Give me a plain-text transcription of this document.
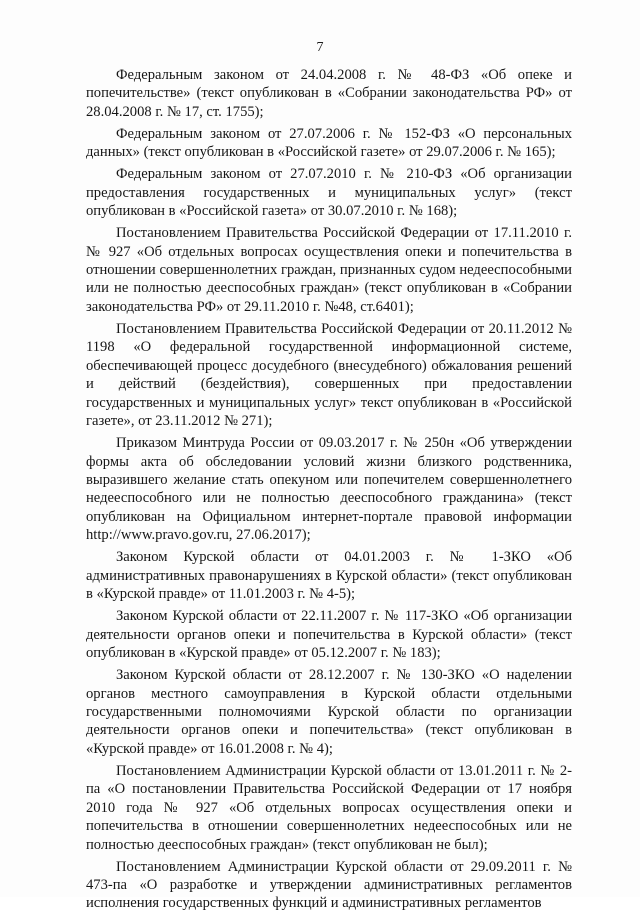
7

Федеральным законом от 24.04.2008 г. № 48-ФЗ «Об опеке и попечительстве» (текст опубликован в «Собрании законодательства РФ» от 28.04.2008 г. № 17, ст. 1755);

Федеральным законом от 27.07.2006 г. № 152-ФЗ «О персональных данных» (текст опубликован в «Российской газете» от 29.07.2006 г. № 165);

Федеральным законом от 27.07.2010 г. № 210-ФЗ «Об организации предоставления государственных и муниципальных услуг» (текст опубликован в «Российской газета» от 30.07.2010 г. № 168);

Постановлением Правительства Российской Федерации от 17.11.2010 г. № 927 «Об отдельных вопросах осуществления опеки и попечительства в отношении совершеннолетних граждан, признанных судом недееспособными или не полностью дееспособных граждан» (текст опубликован в «Собрании законодательства РФ» от 29.11.2010 г. №48, ст.6401);

Постановлением Правительства Российской Федерации от 20.11.2012 № 1198 «О федеральной государственной информационной системе, обеспечивающей процесс досудебного (внесудебного) обжалования решений и действий (бездействия), совершенных при предоставлении государственных и муниципальных услуг» текст опубликован в «Российской газете», от 23.11.2012 № 271);

Приказом Минтруда России от 09.03.2017 г. № 250н «Об утверждении формы акта об обследовании условий жизни близкого родственника, выразившего желание стать опекуном или попечителем совершеннолетнего недееспособного или не полностью дееспособного гражданина» (текст опубликован на Официальном интернет-портале правовой информации http://www.pravo.gov.ru, 27.06.2017);

Законом Курской области от 04.01.2003 г. № 1-ЗКО «Об административных правонарушениях в Курской области» (текст опубликован в «Курской правде» от 11.01.2003 г. № 4-5);

Законом Курской области от 22.11.2007 г. № 117-ЗКО «Об организации деятельности органов опеки и попечительства в Курской области» (текст опубликован в «Курской правде» от 05.12.2007 г. № 183);

Законом Курской области от 28.12.2007 г. № 130-ЗКО «О наделении органов местного самоуправления в Курской области отдельными государственными полномочиями Курской области по организации деятельности органов опеки и попечительства» (текст опубликован в «Курской правде» от 16.01.2008 г. № 4);

Постановлением Администрации Курской области от 13.01.2011 г. № 2-па «О постановлении Правительства Российской Федерации от 17 ноября 2010 года № 927 «Об отдельных вопросах осуществления опеки и попечительства в отношении совершеннолетних недееспособных или не полностью дееспособных граждан» (текст опубликован не был);

Постановлением Администрации Курской области от 29.09.2011 г. № 473-па «О разработке и утверждении административных регламентов исполнения государственных функций и административных регламентов
